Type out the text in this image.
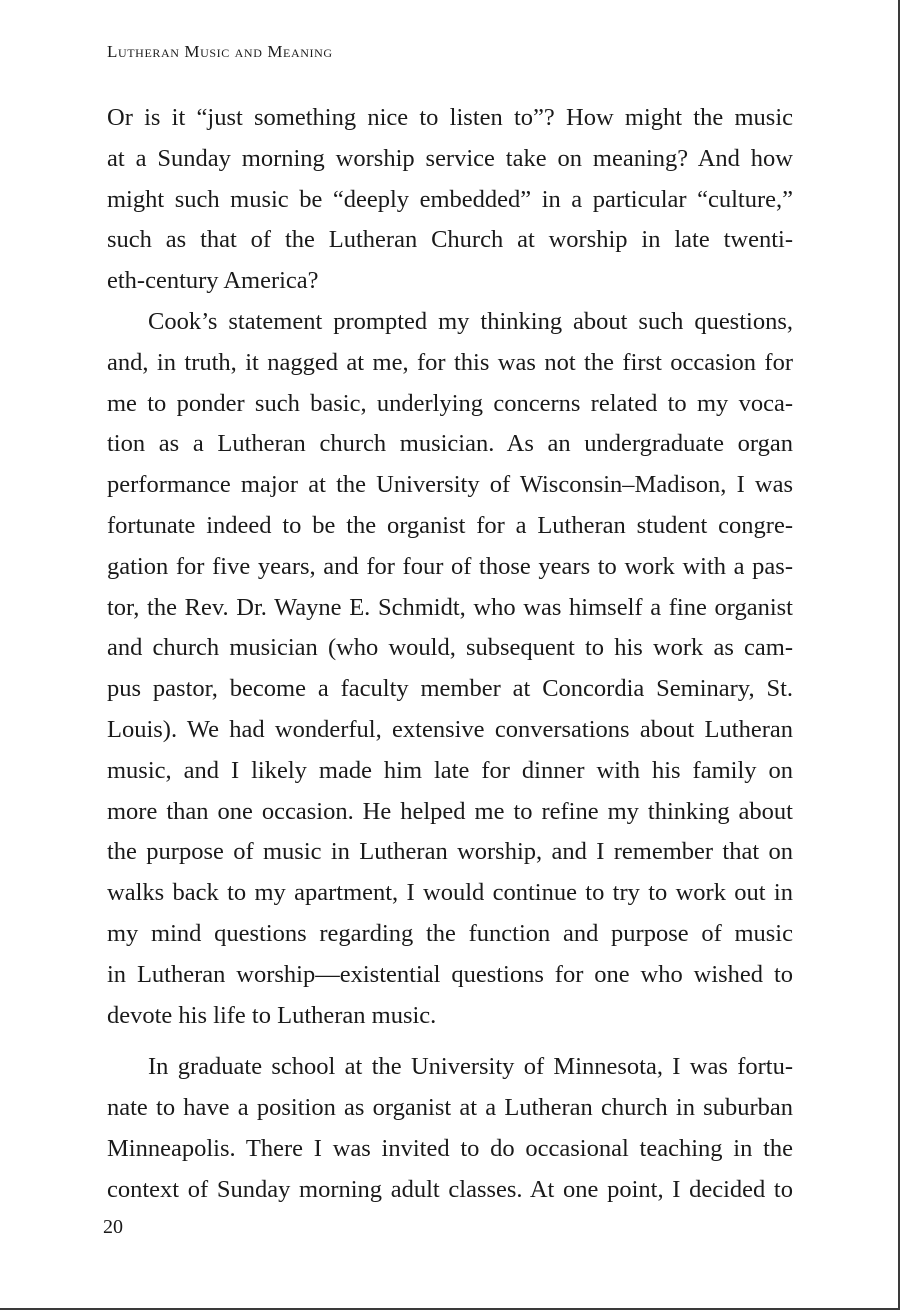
Lutheran Music and Meaning
Or is it “just something nice to listen to”? How might the music
at a Sunday morning worship service take on meaning? And how
might such music be “deeply embedded” in a particular “culture,”
such as that of the Lutheran Church at worship in late twenti-
eth-century America?
Cook’s statement prompted my thinking about such questions,
and, in truth, it nagged at me, for this was not the first occasion for
me to ponder such basic, underlying concerns related to my voca-
tion as a Lutheran church musician. As an undergraduate organ
performance major at the University of Wisconsin–Madison, I was
fortunate indeed to be the organist for a Lutheran student congre-
gation for five years, and for four of those years to work with a pas-
tor, the Rev. Dr. Wayne E. Schmidt, who was himself a fine organist
and church musician (who would, subsequent to his work as cam-
pus pastor, become a faculty member at Concordia Seminary, St.
Louis). We had wonderful, extensive conversations about Lutheran
music, and I likely made him late for dinner with his family on
more than one occasion. He helped me to refine my thinking about
the purpose of music in Lutheran worship, and I remember that on
walks back to my apartment, I would continue to try to work out in
my mind questions regarding the function and purpose of music
in Lutheran worship—existential questions for one who wished to
devote his life to Lutheran music.
In graduate school at the University of Minnesota, I was fortu-
nate to have a position as organist at a Lutheran church in suburban
Minneapolis. There I was invited to do occasional teaching in the
context of Sunday morning adult classes. At one point, I decided to
20
